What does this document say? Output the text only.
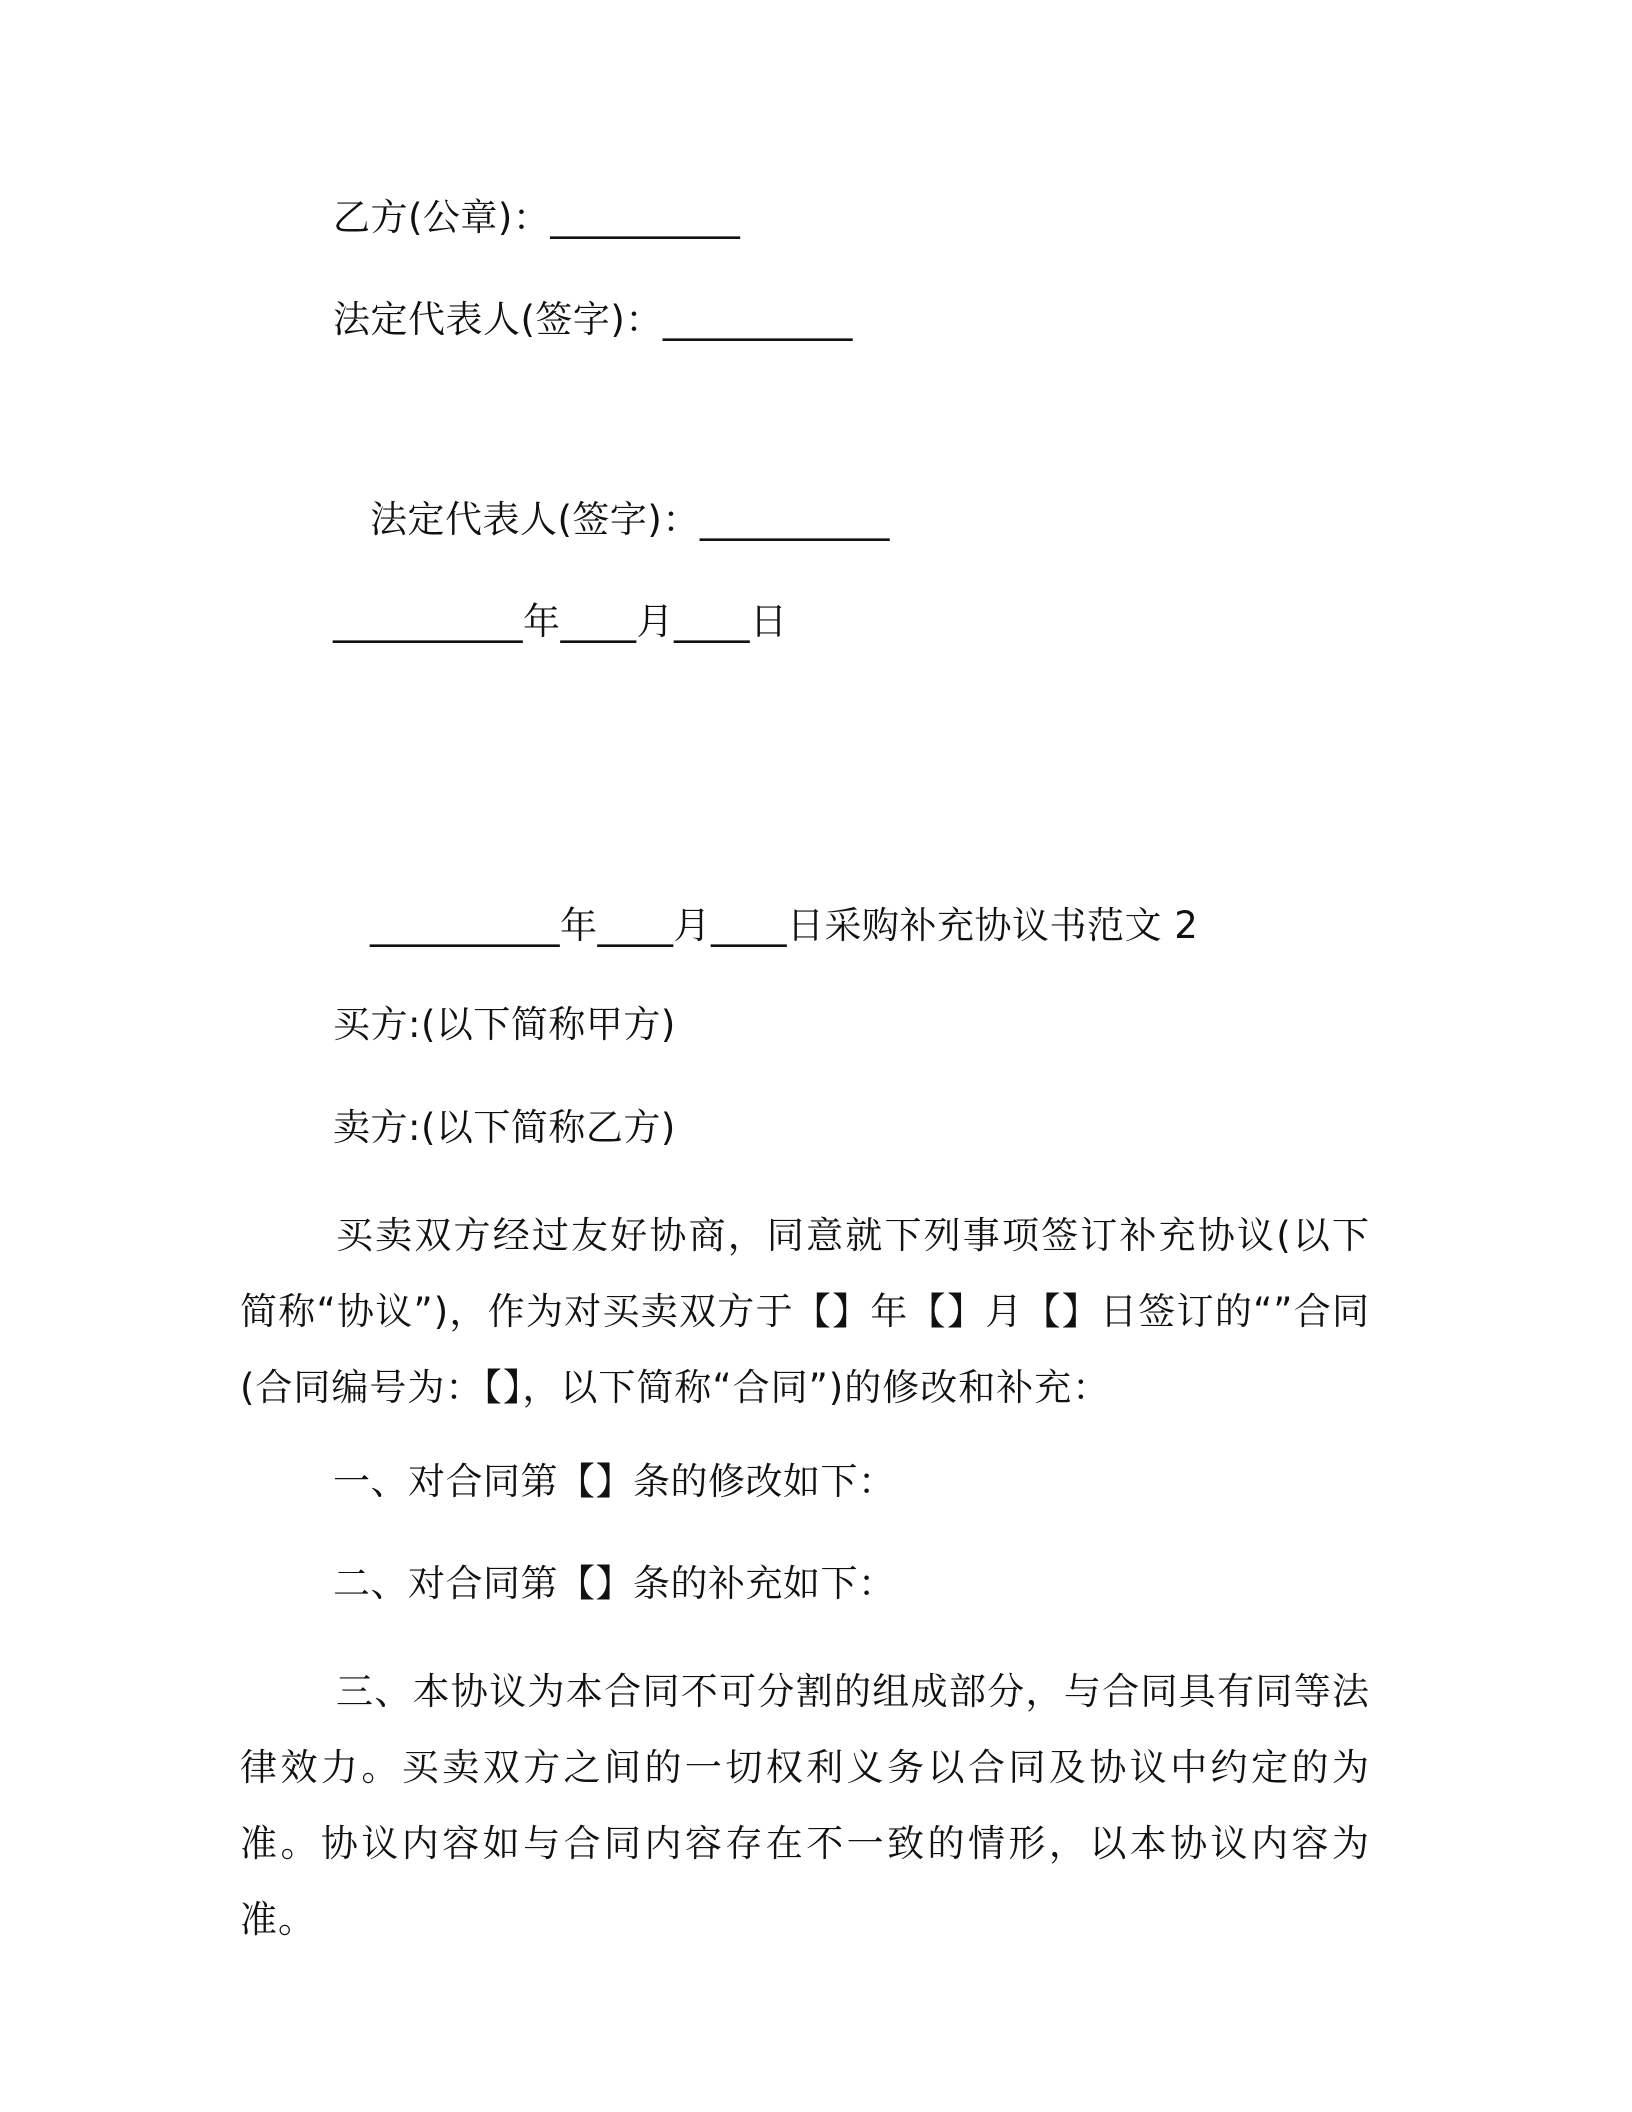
乙方(公章)：__________
法定代表人(签字)：__________
法定代表人(签字)：__________
__________年____月____日
__________年____月____日采购补充协议书范文 2
买方:(以下简称甲方)
卖方:(以下简称乙方)
买卖双方经过友好协商，同意就下列事项签订补充协议(以下简称“协议”)，作为对买卖双方于【】年【】月【】日签订的“”合同(合同编号为：【】，以下简称“合同”)的修改和补充：
一、对合同第【】条的修改如下：
二、对合同第【】条的补充如下：
三、本协议为本合同不可分割的组成部分，与合同具有同等法律效力。买卖双方之间的一切权利义务以合同及协议中约定的为准。协议内容如与合同内容存在不一致的情形，以本协议内容为准。
